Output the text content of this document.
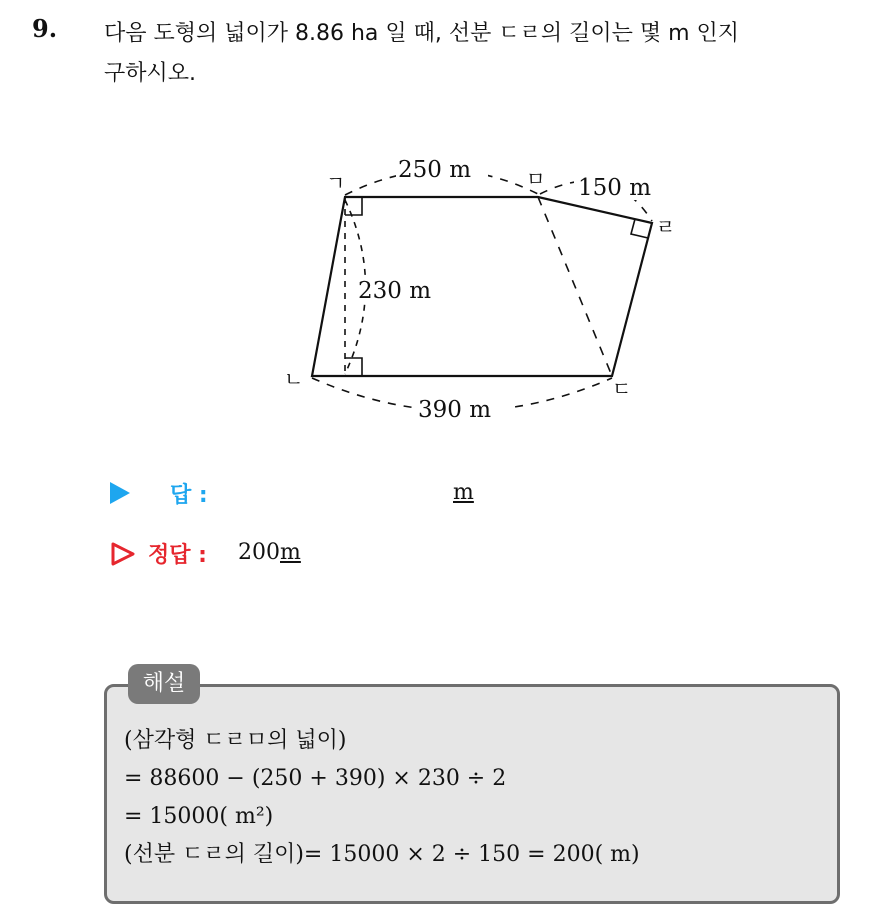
9. 다음 도형의 넓이가 8.86 ha 일 때, 선분 ㄷㄹ의 길이는 몇 m 인지
구하시오.
250 m
150 m
230 m
390 m
ㄱ	ㅁ
ㄹ
ㄴ	ㄷ
답 :	m
정답 : 200m
해설
(삼각형 ㄷㄹㅁ의 넓이)
= 88600 − (250 + 390) × 230 ÷ 2
= 15000( m²)
(선분 ㄷㄹ의 길이)= 15000 × 2 ÷ 150 = 200( m)
